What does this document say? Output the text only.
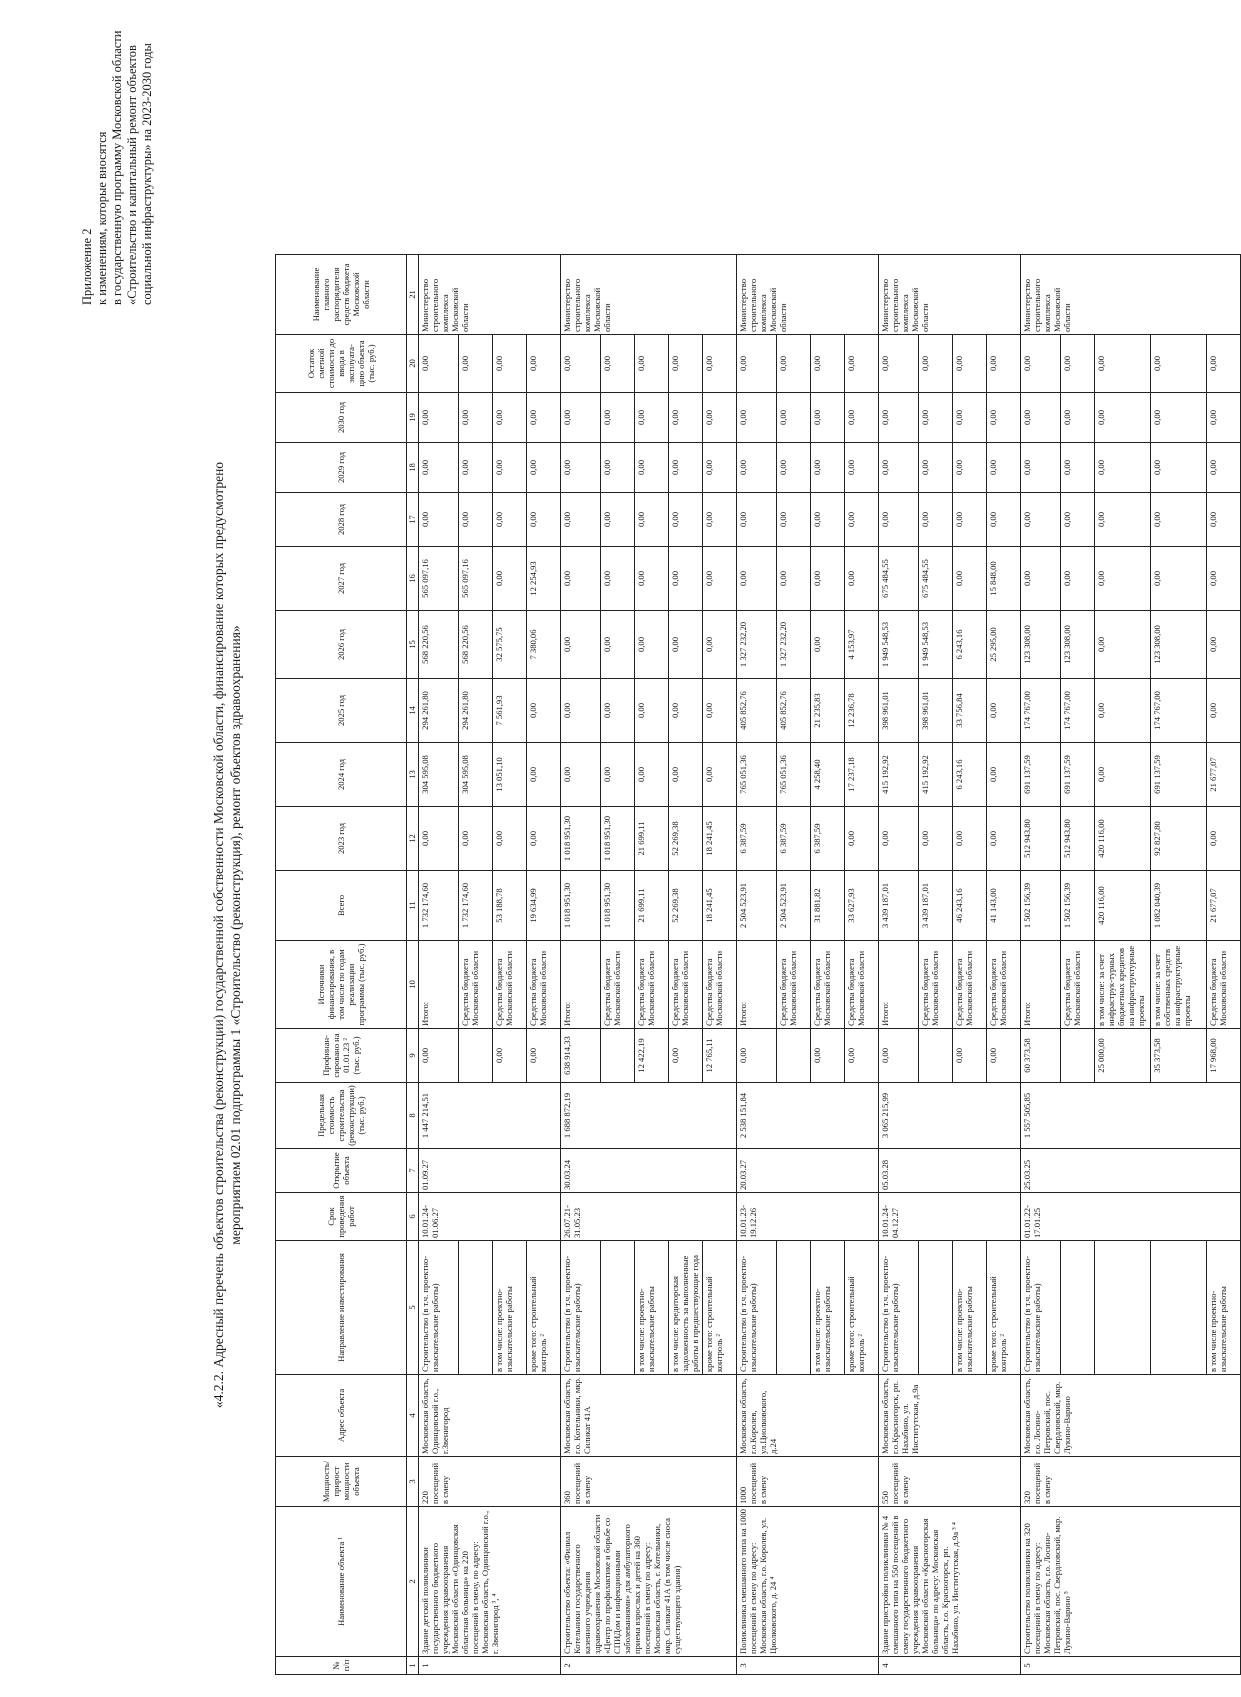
Приложение 2 к изменениям, которые вносятся в государственную программу Московской области «Строительство и капитальный ремонт объектов социальной инфраструктуры» на 2023-2030 годы
«4.2.2. Адресный перечень объектов строительства (реконструкции) государственной собственности Московской области, финансирование которых предусмотрено мероприятием 02.01 подпрограммы 1 «Строительство (реконструкция), ремонт объектов здравоохранения»
№ п/п	Наименование объекта ¹	Мощность/ прирост мощности объекта	Адрес объекта	Направление инвестирования	Срок проведения работ	Открытие объекта	Предельная стоимость строительства (реконструкции) (тыс. руб.)	Профинан-сировано на 01.01.23 ² (тыс. руб.)	Источники финансирования, в том числе по годам реализации программы (тыс. руб.)	Всего	2023 год	2024 год	2025 год	2026 год	2027 год	2028 год	2029 год	2030 год	Остаток сметной стоимости до ввода в эксплуата-цию объекта (тыс. руб.)	Наименование главного распорядителя средств бюджета Московской области
1	2	3	4	5	6	7	8	9	10	11	12	13	14	15	16	17	18	19	20	21
1	Здание детской поликлиники государственного бюджетного учреждения здравоохранения Московской области «Одинцовская областная больница» на 220 посещений в смену, по адресу: Московская область, Одинцовский г.о., г. Звенигород ³, ⁴	220 посещений в смену	Московская область, Одинцовский г.о., г.Звенигород	Строительство (в т.ч. проектно-изыскательские работы)	10.01.24-01.06.27	01.09.27	1 447 214,51	0,00	Итого:	1 732 174,60	0,00	304 595,08	294 261,80	568 220,56	565 097,16	0,00	0,00	0,00	0,00	Министерство строительного комплекса Московской области
									Средства бюджета Московской области	1 732 174,60	0,00	304 595,08	294 261,80	568 220,56	565 097,16	0,00	0,00	0,00	0,00	
				в том числе: проектно-изыскательские работы				0,00	Средства бюджета Московской области	53 188,78	0,00	13 051,10	7 561,93	32 575,75	0,00	0,00	0,00	0,00	0,00	
				кроме того: строительный контроль ²				0,00	Средства бюджета Московской области	19 634,99	0,00	0,00	0,00	7 380,06	12 254,93	0,00	0,00	0,00	0,00	
2	Строительство объекта: «Филиал Котельники государственного казенного учреждения здравоохранения Московской области «Центр по профилактике и борьбе со СПИДом и инфекционными заболеваниями» для амбулаторного приема взрослых и детей на 360 посещений в смену по адресу: Московская область, г. Котельники, мкр. Силикат 41А (в том числе сноса существующего здания)	360 посещений в смену	Московская область, г.о. Котельники, мкр. Силикат 41А	Строительство (в т.ч. проектно-изыскательские работы)	26.07.21-31.05.23	30.03.24	1 688 872,19	638 914,33	Итого:	1 018 951,30	1 018 951,30	0,00	0,00	0,00	0,00	0,00	0,00	0,00	0,00	Министерство строительного комплекса Московской области
									Средства бюджета Московской области	1 018 951,30	1 018 951,30	0,00	0,00	0,00	0,00	0,00	0,00	0,00	0,00	
				в том числе: проектно-изыскательские работы				12 422,19	Средства бюджета Московской области	21 699,11	21 699,11	0,00	0,00	0,00	0,00	0,00	0,00	0,00	0,00	
				в том числе: кредиторская задолженность за выполненные работы в предшествующие года				0,00	Средства бюджета Московской области	52 269,38	52 269,38	0,00	0,00	0,00	0,00	0,00	0,00	0,00	0,00	
				кроме того: строительный контроль ²				12 765,11	Средства бюджета Московской области	18 241,45	18 241,45	0,00	0,00	0,00	0,00	0,00	0,00	0,00	0,00	
3	Поликлиника смешанного типа на 1000 посещений в смену по адресу: Московская область, г.о. Королев, ул. Циолковского, д. 24 ⁴	1000 посещений в смену	Московская область, г.о.Королев, ул.Циолковского, д.24	Строительство (в т.ч. проектно-изыскательские работы)	10.01.23-19.12.26	20.03.27	2 538 151,84	0,00	Итого:	2 504 523,91	6 387,59	765 051,36	405 852,76	1 327 232,20	0,00	0,00	0,00	0,00	0,00	Министерство строительного комплекса Московской области
									Средства бюджета Московской области	2 504 523,91	6 387,59	765 051,36	405 852,76	1 327 232,20	0,00	0,00	0,00	0,00	0,00	
				в том числе: проектно-изыскательские работы				0,00	Средства бюджета Московской области	31 881,82	6 387,59	4 258,40	21 235,83	0,00	0,00	0,00	0,00	0,00	0,00	
				кроме того: строительный контроль ²				0,00	Средства бюджета Московской области	33 627,93	0,00	17 237,18	12 236,78	4 153,97	0,00	0,00	0,00	0,00	0,00	
4	Здание пристройки поликлиники № 4 смешанного типа на 550 посещений в смену государственного бюджетного учреждения здравоохранения Московской области «Красногорская больница» по адресу: Московская область, г.о. Красногорск, рп. Нахабино, ул. Институтская, д.9а ³ ⁴	550 посещений в смену	Московская область, г.о.Красногорск, рп. Нахабино, ул. Институтская, д.9а	Строительство (в т.ч. проектно-изыскательские работы)	10.01.24-04.12.27	05.03.28	3 065 215,99	0,00	Итого:	3 439 187,01	0,00	415 192,92	398 961,01	1 949 548,53	675 484,55	0,00	0,00	0,00	0,00	Министерство строительного комплекса Московской области
									Средства бюджета Московской области	3 439 187,01	0,00	415 192,92	398 961,01	1 949 548,53	675 484,55	0,00	0,00	0,00	0,00	
				в том числе: проектно-изыскательские работы				0,00	Средства бюджета Московской области	46 243,16	0,00	6 243,16	33 756,84	6 243,16	0,00	0,00	0,00	0,00	0,00	
				кроме того: строительный контроль ²				0,00	Средства бюджета Московской области	41 143,00	0,00	0,00	0,00	25 295,00	15 848,00	0,00	0,00	0,00	0,00	
5	Строительство поликлиники на 320 посещений в смену по адресу: Московская область, г.о. Лосино-Петровский, пос. Свердловский, мкр. Лукино-Варино ⁵	320 посещений в смену	Московская область, г.о. Лосино-Петровский, пос. Свердловский, мкр. Лукино-Варино	Строительство (в т.ч. проектно-изыскательские работы)	01.01.22-17.01.25	25.03.25	1 557 505,85	60 373,58	Итого:	1 502 156,39	512 943,80	691 137,59	174 767,00	123 308,00	0,00	0,00	0,00	0,00	0,00	Министерство строительного комплекса Московской области
									Средства бюджета Московской области	1 502 156,39	512 943,80	691 137,59	174 767,00	123 308,00	0,00	0,00	0,00	0,00	0,00	
								25 000,00	в том числе: за счет инфраструк-турных бюджетных кредитов на инфраструктурные проекты	420 116,00	420 116,00	0,00	0,00	0,00	0,00	0,00	0,00	0,00	0,00	
								35 373,58	в том числе: за счет собственных средств на инфраструктурные проекты	1 082 040,39	92 827,80	691 137,59	174 767,00	123 308,00	0,00	0,00	0,00	0,00	0,00	
				в том числе проектно-изыскательские работы				17 968,00	Средства бюджета Московской области	21 677,07	0,00	21 677,07	0,00	0,00	0,00	0,00	0,00	0,00	0,00	
